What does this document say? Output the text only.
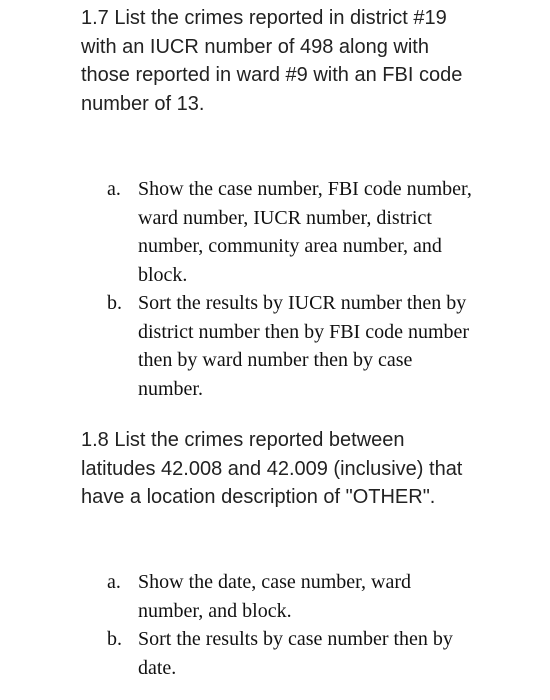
1.7 List the crimes reported in district #19 with an IUCR number of 498 along with those reported in ward #9 with an FBI code number of 13.

a. Show the case number, FBI code number, ward number, IUCR number, district number, community area number, and block.
b. Sort the results by IUCR number then by district number then by FBI code number then by ward number then by case number.

1.8 List the crimes reported between latitudes 42.008 and 42.009 (inclusive) that have a location description of "OTHER".

a. Show the date, case number, ward number, and block.
b. Sort the results by case number then by date.
